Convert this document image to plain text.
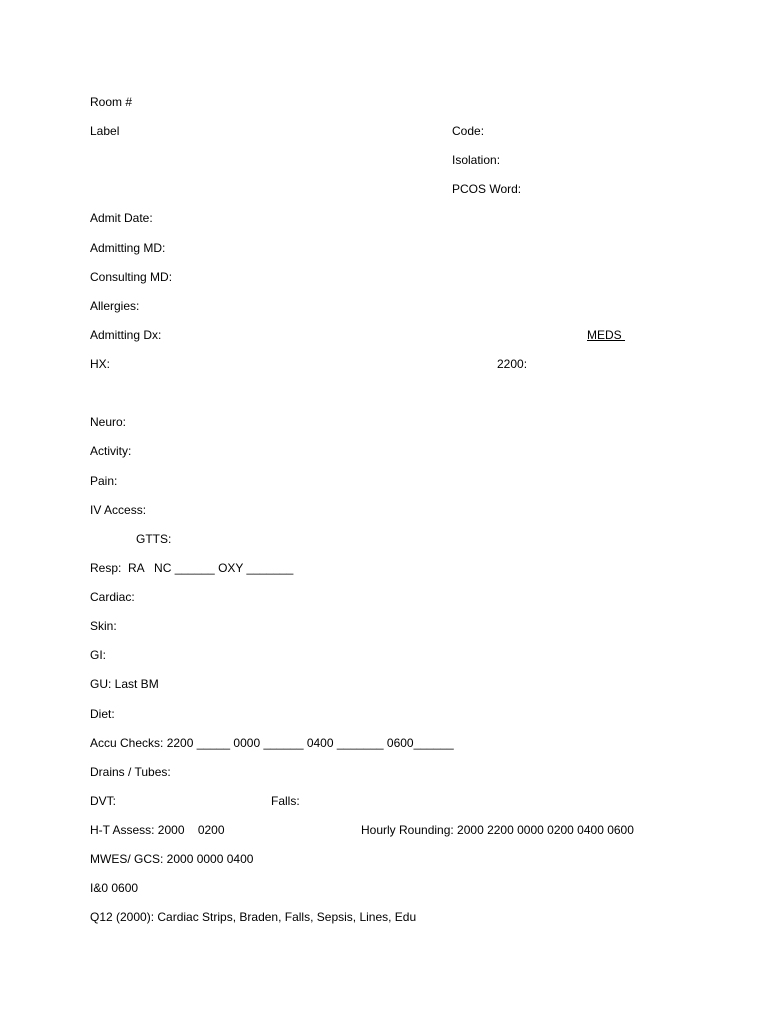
Room #
Label	Code:
Isolation:
PCOS Word:
Admit Date:
Admitting MD:
Consulting MD:
Allergies:
Admitting Dx:	MEDS
HX:	2200:
Neuro:
Activity:
Pain:
IV Access:
GTTS:
Resp:  RA   NC ______ OXY _______
Cardiac:
Skin:
GI:
GU: Last BM
Diet:
Accu Checks: 2200 _____ 0000 ______ 0400 _______ 0600______
Drains / Tubes:
DVT:	Falls:
H-T Assess: 2000    0200	Hourly Rounding: 2000 2200 0000 0200 0400 0600
MWES/ GCS: 2000 0000 0400
I&0 0600
Q12 (2000): Cardiac Strips, Braden, Falls, Sepsis, Lines, Edu
